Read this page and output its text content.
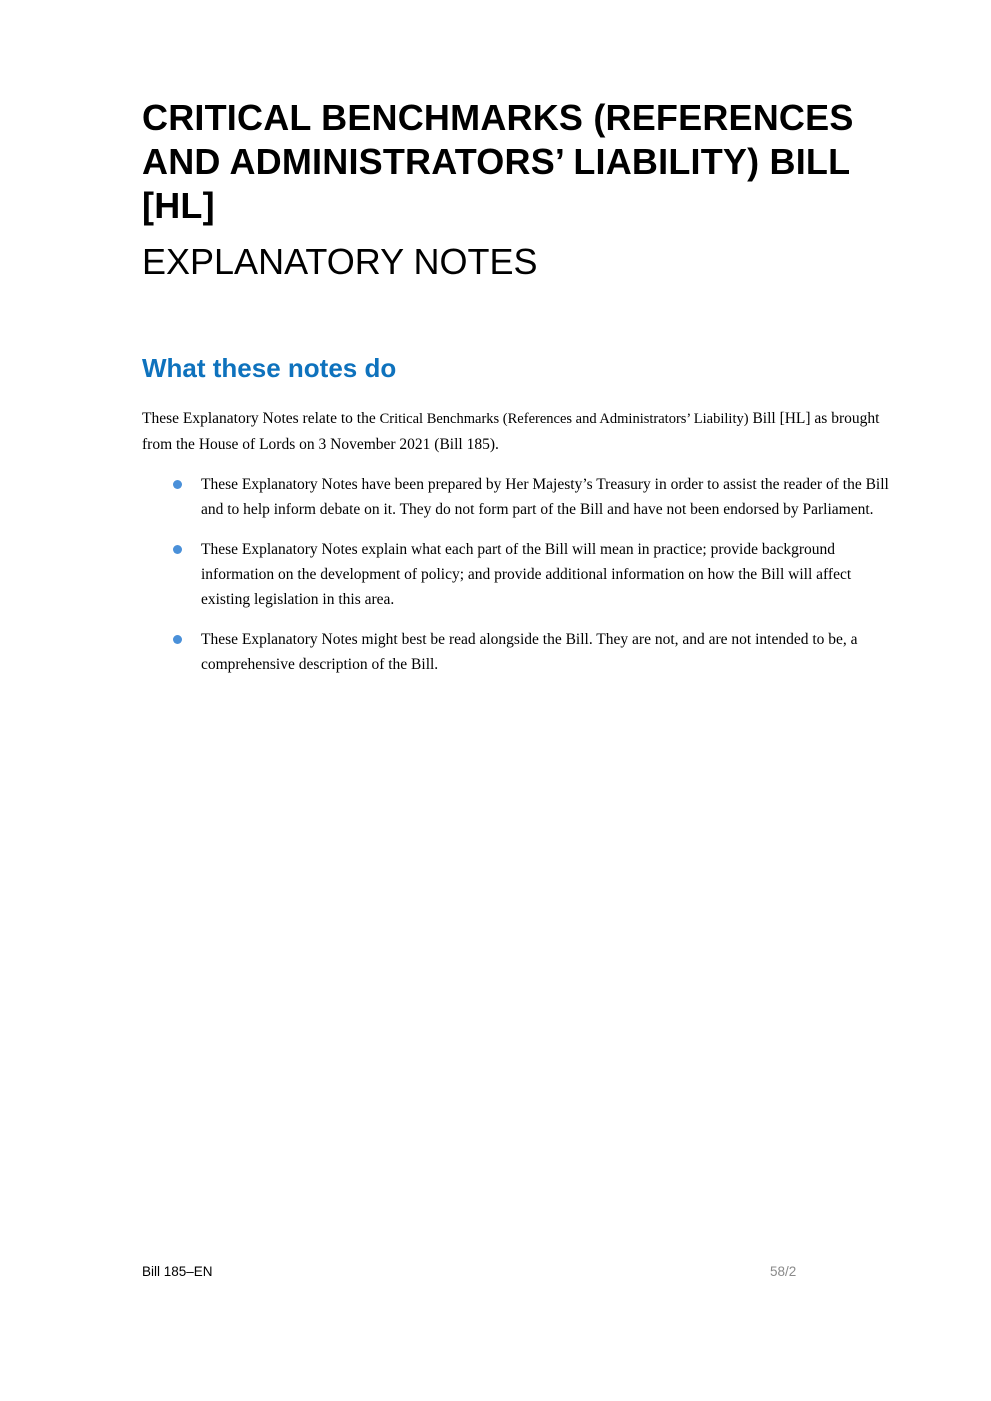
CRITICAL BENCHMARKS (REFERENCES AND ADMINISTRATORS’ LIABILITY) BILL [HL]
EXPLANATORY NOTES
What these notes do

These Explanatory Notes relate to the Critical Benchmarks (References and Administrators’ Liability) Bill [HL] as brought from the House of Lords on 3 November 2021 (Bill 185).

These Explanatory Notes have been prepared by Her Majesty’s Treasury in order to assist the reader of the Bill and to help inform debate on it. They do not form part of the Bill and have not been endorsed by Parliament.
These Explanatory Notes explain what each part of the Bill will mean in practice; provide background information on the development of policy; and provide additional information on how the Bill will affect existing legislation in this area.
These Explanatory Notes might best be read alongside the Bill. They are not, and are not intended to be, a comprehensive description of the Bill.
Bill 185–EN	58/2
